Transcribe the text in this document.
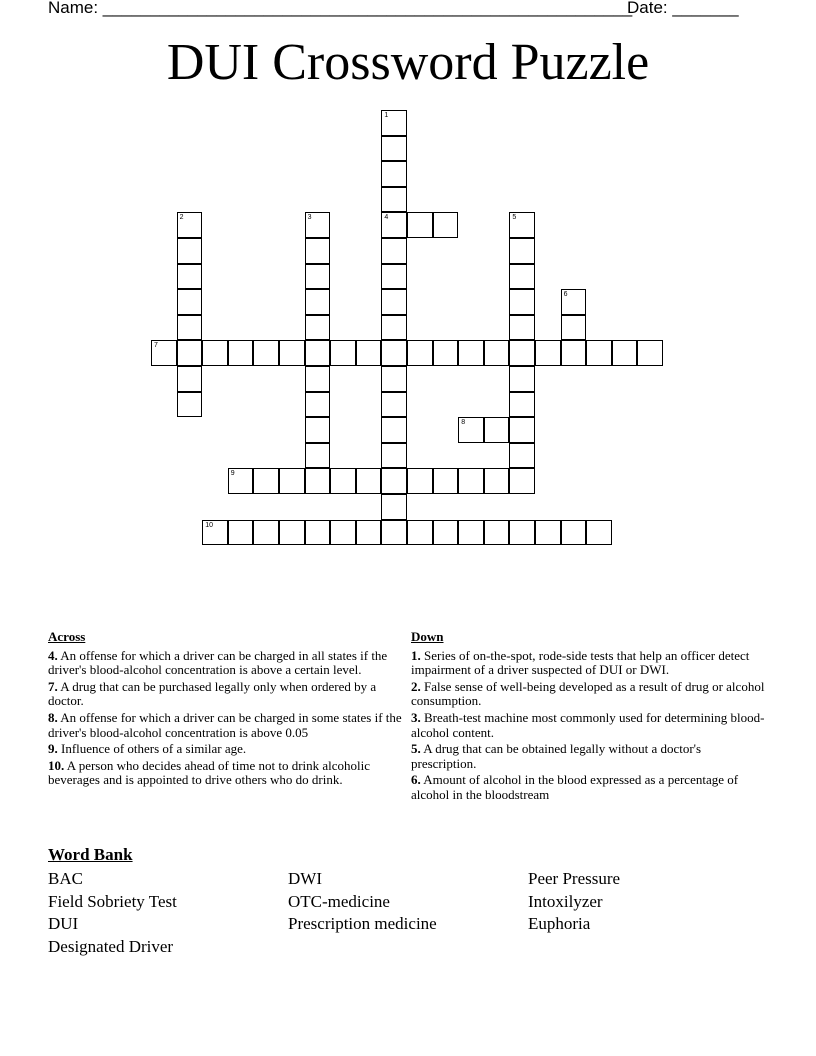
Name: ________________________________________________________
Date: _______
DUI Crossword Puzzle
1
4
2	3	5
6
7
8
9
10
Across
4. An offense for which a driver can be charged in all states if the driver's blood-alcohol concentration is above a certain level.
7. A drug that can be purchased legally only when ordered by a doctor.
8. An offense for which a driver can be charged in some states if the driver's blood-alcohol concentration is above 0.05
9. Influence of others of a similar age.
10. A person who decides ahead of time not to drink alcoholic beverages and is appointed to drive others who do drink.
Down
1. Series of on-the-spot, rode-side tests that help an officer detect impairment of a driver suspected of DUI or DWI.
2. False sense of well-being developed as a result of drug or alcohol consumption.
3. Breath-test machine most commonly used for determining blood-alcohol content.
5. A drug that can be obtained legally without a doctor's prescription.
6. Amount of alcohol in the blood expressed as a percentage of alcohol in the bloodstream
Word Bank
BAC	DWI	Peer Pressure
Field Sobriety Test	OTC-medicine	Intoxilyzer
DUI	Prescription medicine	Euphoria
Designated Driver
